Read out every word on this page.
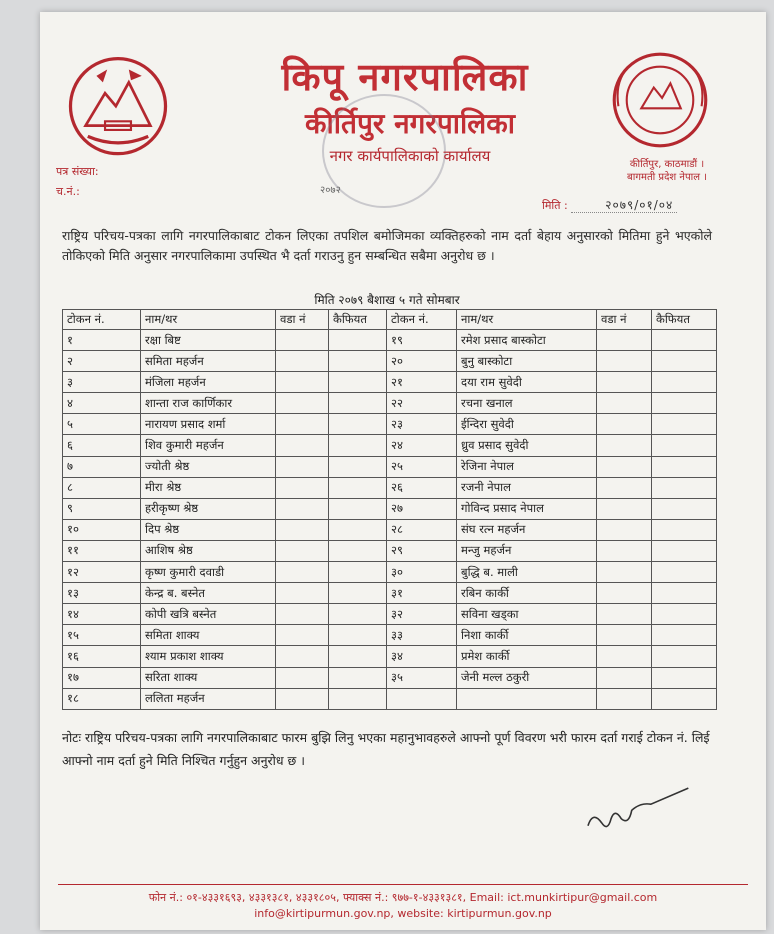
किपू नगरपालिका
कीर्तिपुर नगरपालिका
नगर कार्यपालिकाको कार्यालय
२०७२
कीर्तिपुर, काठमाडौं ।
बागमती प्रदेश नेपाल ।
पत्र संख्या:
च.नं.:
मिति :	२०७९/०१/०४
राष्ट्रिय परिचय-पत्रका लागि नगरपालिकाबाट टोकन लिएका तपशिल बमोजिमका व्यक्तिहरुको नाम दर्ता बेहाय अनुसारको मितिमा हुने भएकोले तोकिएको मिति अनुसार नगरपालिकामा उपस्थित भै दर्ता गराउनु हुन सम्बन्धित सबैमा अनुरोध छ ।
मिति २०७९ बैशाख ५ गते सोमबार
टोकन नं.	नाम/थर	वडा नं	कैफियत	टोकन नं.	नाम/थर	वडा नं	कैफियत
१	रक्षा बिष्ट			१९	रमेश प्रसाद बास्कोटा		
२	समिता महर्जन			२०	बुनु बास्कोटा		
३	मंजिला महर्जन			२१	दया राम सुवेदी		
४	शान्ता राज कार्णिकार			२२	रचना खनाल		
५	नारायण प्रसाद शर्मा			२३	ईन्दिरा सुवेदी		
६	शिव कुमारी महर्जन			२४	ध्रुव प्रसाद सुवेदी		
७	ज्योती श्रेष्ठ			२५	रेजिना नेपाल		
८	मीरा श्रेष्ठ			२६	रजनी नेपाल		
९	हरीकृष्ण श्रेष्ठ			२७	गोविन्द प्रसाद नेपाल		
१०	दिप श्रेष्ठ			२८	संघ रत्न महर्जन		
११	आशिष श्रेष्ठ			२९	मन्जु महर्जन		
१२	कृष्ण कुमारी दवाडी			३०	बुद्धि ब. माली		
१३	केन्द्र ब. बस्नेत			३१	रबिन कार्की		
१४	कोपी खत्रि बस्नेत			३२	सविना खड्का		
१५	समिता शाक्य			३३	निशा कार्की		
१६	श्याम प्रकाश शाक्य			३४	प्रमेश कार्की		
१७	सरिता शाक्य			३५	जेनी मल्ल ठकुरी		
१८	ललिता महर्जन						
नोटः राष्ट्रिय परिचय-पत्रका लागि नगरपालिकाबाट फारम बुझि लिनु भएका महानुभावहरुले आफ्नो पूर्ण विवरण भरी फारम दर्ता गराई टोकन नं. लिई आफ्नो नाम दर्ता हुने मिति निश्चित गर्नुहुन अनुरोध छ ।
फोन नं.: ०१-४३३१६९३, ४३३१३८१, ४३३१८०५, फ्याक्स नं.: ९७७-१-४३३१३८१, Email: ict.munkirtipur@gmail.com
info@kirtipurmun.gov.np, website: kirtipurmun.gov.np
